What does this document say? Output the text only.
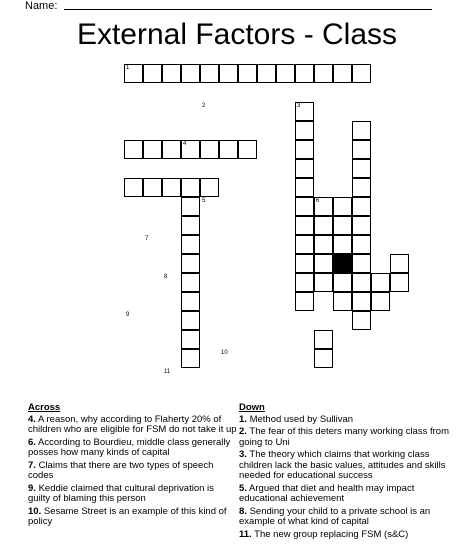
Name:
External Factors - Class
1
2	3
4
5	6
7
8
9
10
11
Across
4. A reason, why according to Flaherty 20% of children who are eligible for FSM do not take it up
6. According to Bourdieu, middle class generally posses how many kinds of capital
7. Claims that there are two types of speech codes
9. Keddie claimed that cultural deprivation is guilty of blaming this person
10. Sesame Street is an example of this kind of policy
Down
1. Method used by Sullivan
2. The fear of this deters many working class from going to Uni
3. The theory which claims that working class children lack the basic values, attitudes and skills needed for educational success
5. Argued that diet and health may impact educational achievement
8. Sending your child to a private school is an example of what kind of capital
11. The new group replacing FSM (s&C)
